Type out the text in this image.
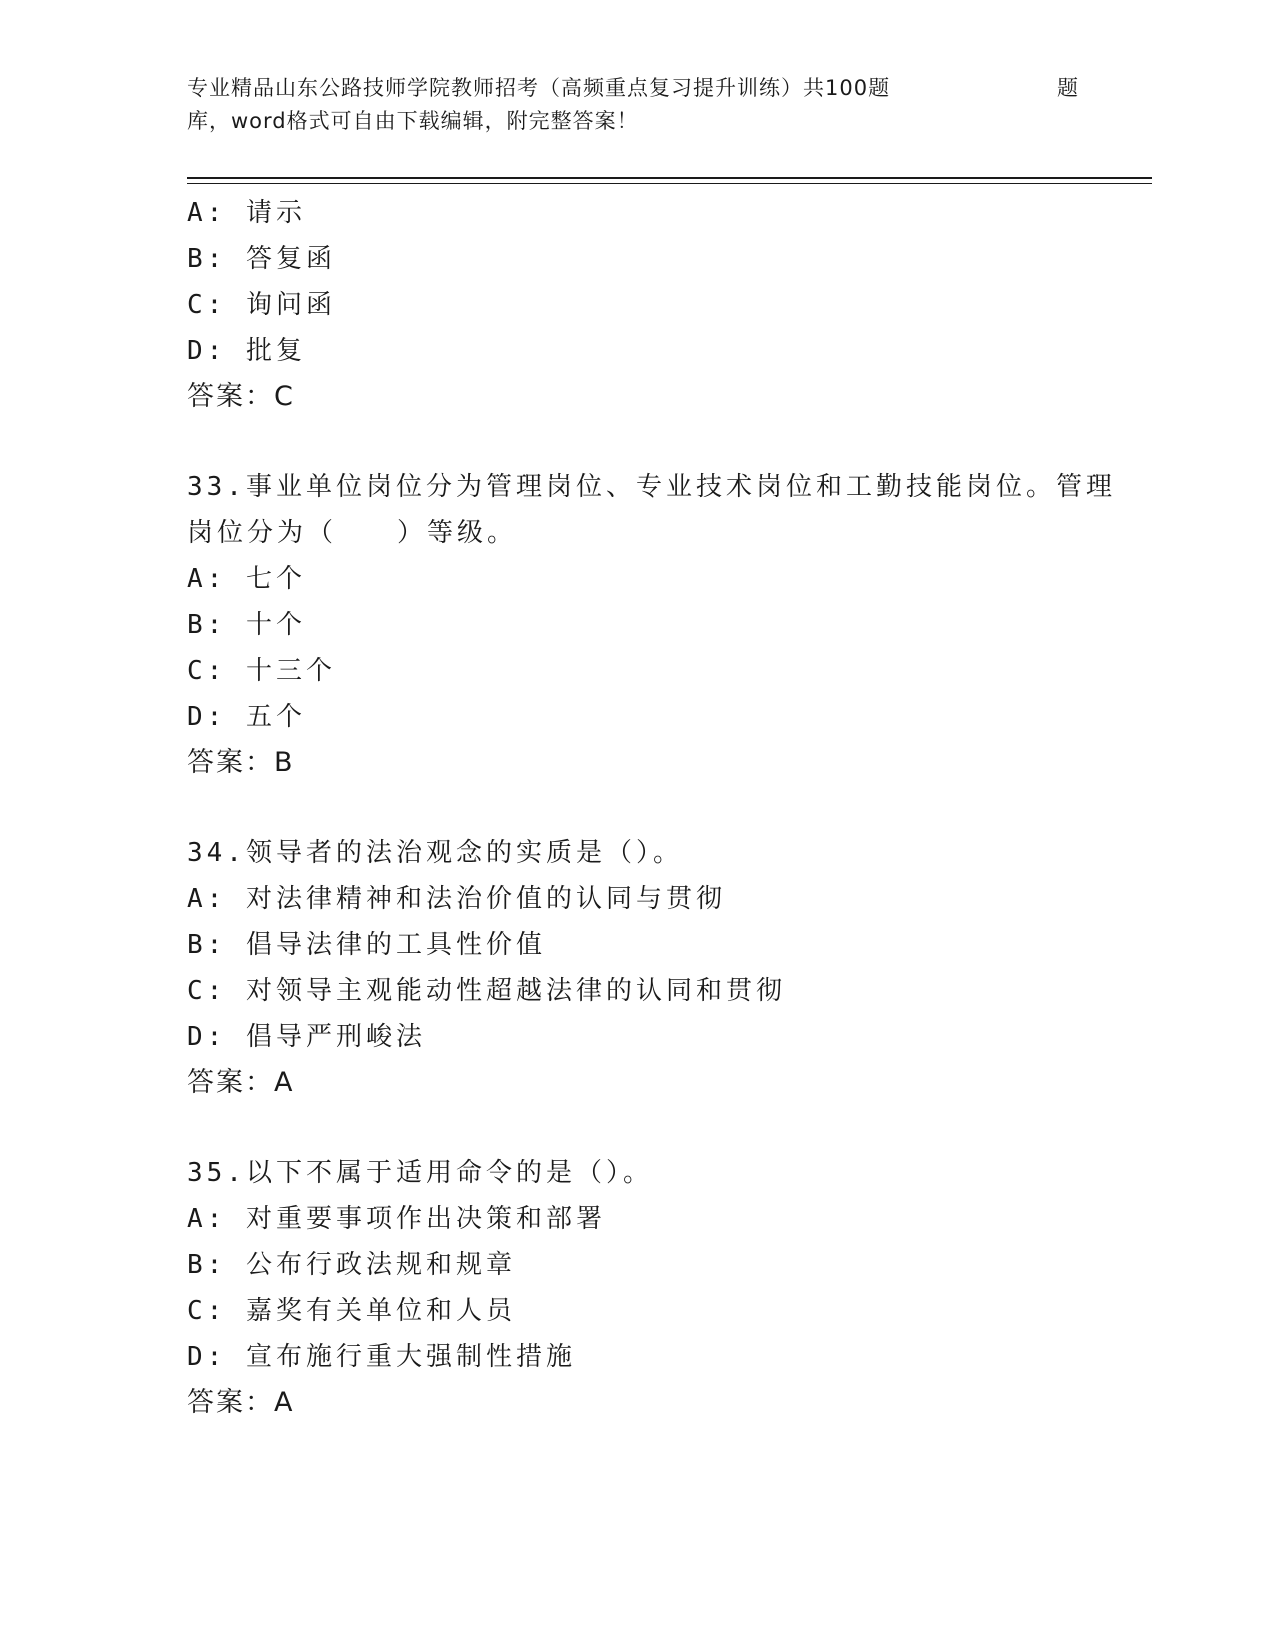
专业精品山东公路技师学院教师招考（高频重点复习提升训练）共100题	题
库，word格式可自由下载编辑，附完整答案！
A: 请示
B: 答复函
C: 询问函
D: 批复
答案：C
33.事业单位岗位分为管理岗位、专业技术岗位和工勤技能岗位。管理
岗位分为（　　）等级。
A: 七个
B: 十个
C: 十三个
D: 五个
答案：B
34.领导者的法治观念的实质是（）。
A: 对法律精神和法治价值的认同与贯彻
B: 倡导法律的工具性价值
C: 对领导主观能动性超越法律的认同和贯彻
D: 倡导严刑峻法
答案：A
35.以下不属于适用命令的是（）。
A: 对重要事项作出决策和部署
B: 公布行政法规和规章
C: 嘉奖有关单位和人员
D: 宣布施行重大强制性措施
答案：A
